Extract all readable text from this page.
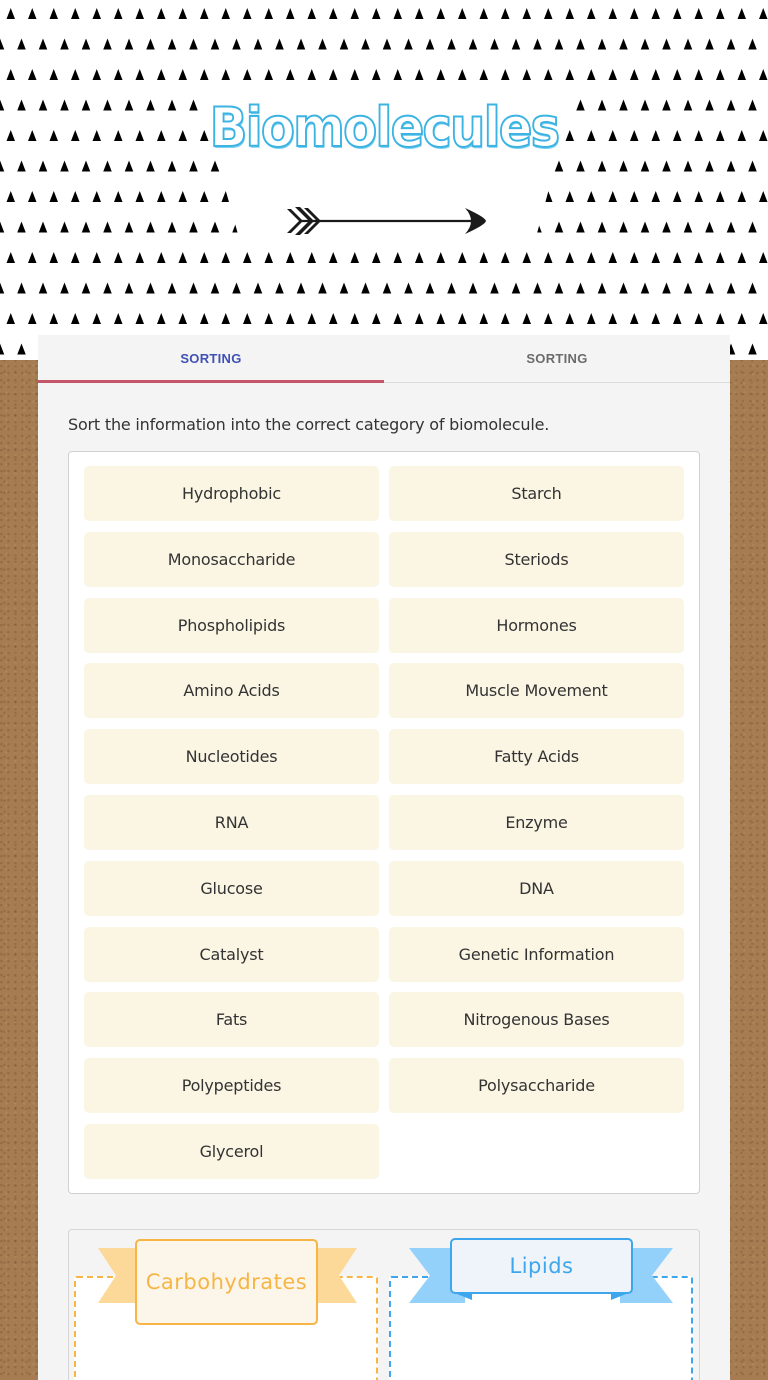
Biomolecules
SORTING	SORTING
Sort the information into the correct category of biomolecule.
Hydrophobic	Starch
Monosaccharide	Steriods
Phospholipids	Hormones
Amino Acids	Muscle Movement
Nucleotides	Fatty Acids
RNA	Enzyme
Glucose	DNA
Catalyst	Genetic Information
Fats	Nitrogenous Bases
Polypeptides	Polysaccharide
Glycerol
Carbohydrates
Lipids
